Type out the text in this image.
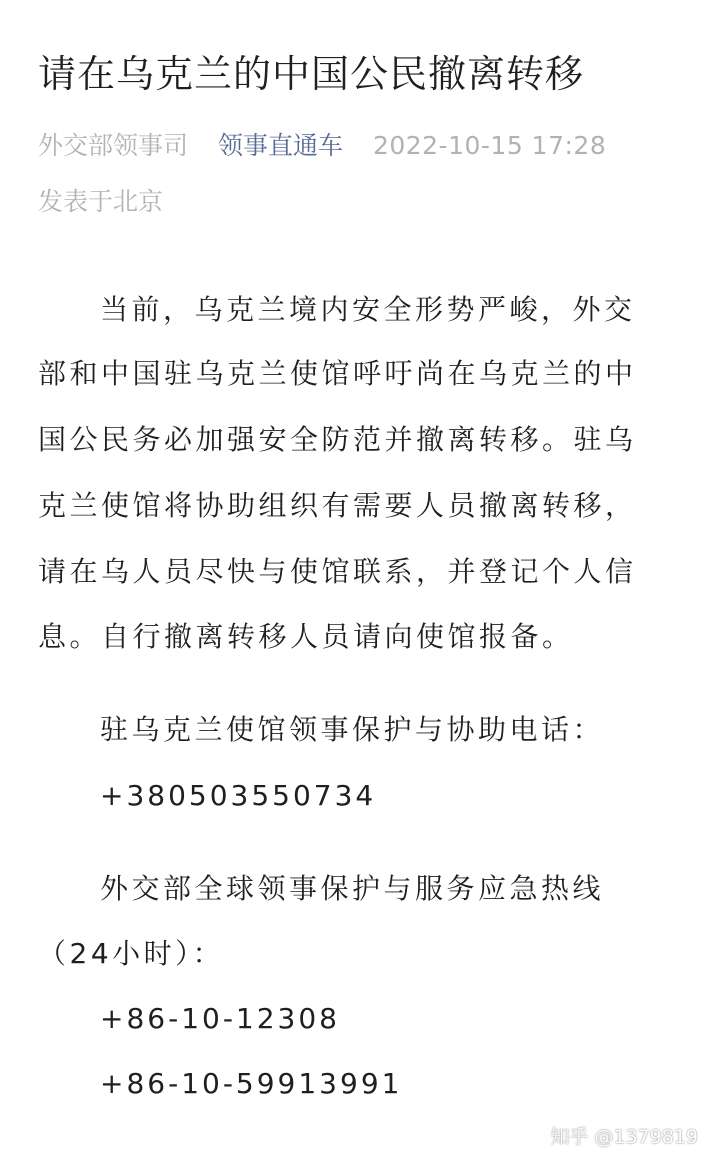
请在乌克兰的中国公民撤离转移
外交部领事司 领事直通车 2022-10-15 17:28
发表于北京
当前，乌克兰境内安全形势严峻，外交
部和中国驻乌克兰使馆呼吁尚在乌克兰的中
国公民务必加强安全防范并撤离转移。驻乌
克兰使馆将协助组织有需要人员撤离转移，
请在乌人员尽快与使馆联系，并登记个人信
息。自行撤离转移人员请向使馆报备。
驻乌克兰使馆领事保护与协助电话：
+380503550734
外交部全球领事保护与服务应急热线
（24小时）：
+86-10-12308
+86-10-59913991
知乎 @1379819
